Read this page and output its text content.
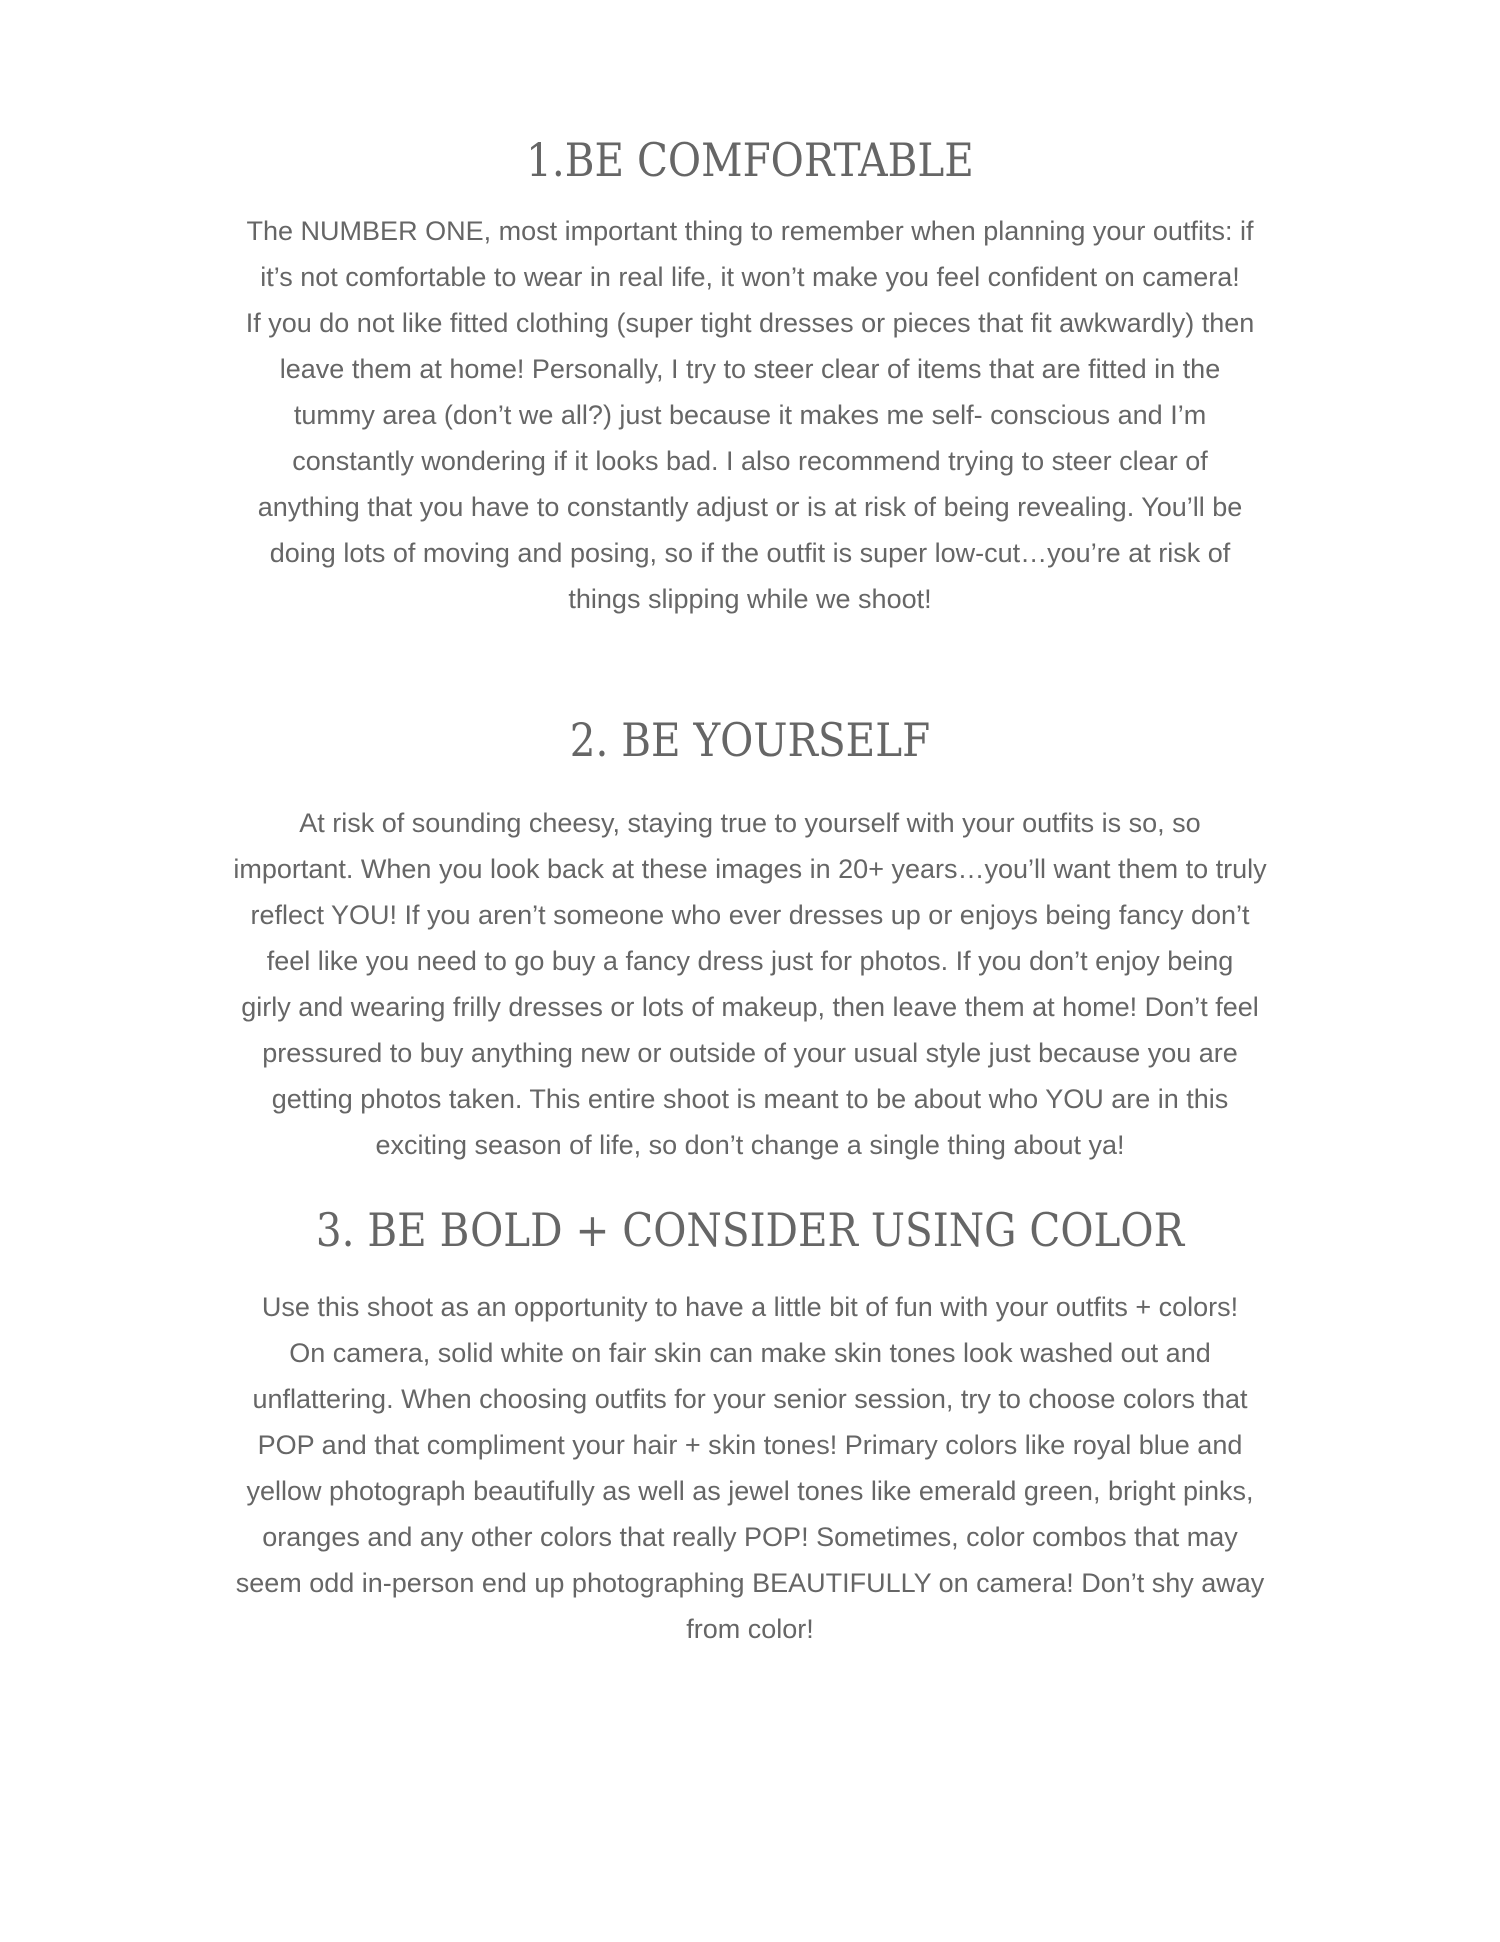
1.BE COMFORTABLE

The NUMBER ONE, most important thing to remember when planning your outfits: if
it’s not comfortable to wear in real life, it won’t make you feel confident on camera!
If you do not like fitted clothing (super tight dresses or pieces that fit awkwardly) then
leave them at home! Personally, I try to steer clear of items that are fitted in the
tummy area (don’t we all?) just because it makes me self- conscious and I’m
constantly wondering if it looks bad. I also recommend trying to steer clear of
anything that you have to constantly adjust or is at risk of being revealing. You’ll be
doing lots of moving and posing, so if the outfit is super low-cut…you’re at risk of
things slipping while we shoot!

2. BE YOURSELF

At risk of sounding cheesy, staying true to yourself with your outfits is so, so
important. When you look back at these images in 20+ years…you’ll want them to truly
reflect YOU! If you aren’t someone who ever dresses up or enjoys being fancy don’t
feel like you need to go buy a fancy dress just for photos. If you don’t enjoy being
girly and wearing frilly dresses or lots of makeup, then leave them at home! Don’t feel
pressured to buy anything new or outside of your usual style just because you are
getting photos taken. This entire shoot is meant to be about who YOU are in this
exciting season of life, so don’t change a single thing about ya!

3. BE BOLD + CONSIDER USING COLOR

Use this shoot as an opportunity to have a little bit of fun with your outfits + colors!
On camera, solid white on fair skin can make skin tones look washed out and
unflattering. When choosing outfits for your senior session, try to choose colors that
POP and that compliment your hair + skin tones! Primary colors like royal blue and
yellow photograph beautifully as well as jewel tones like emerald green, bright pinks,
oranges and any other colors that really POP! Sometimes, color combos that may
seem odd in-person end up photographing BEAUTIFULLY on camera! Don’t shy away
from color!
